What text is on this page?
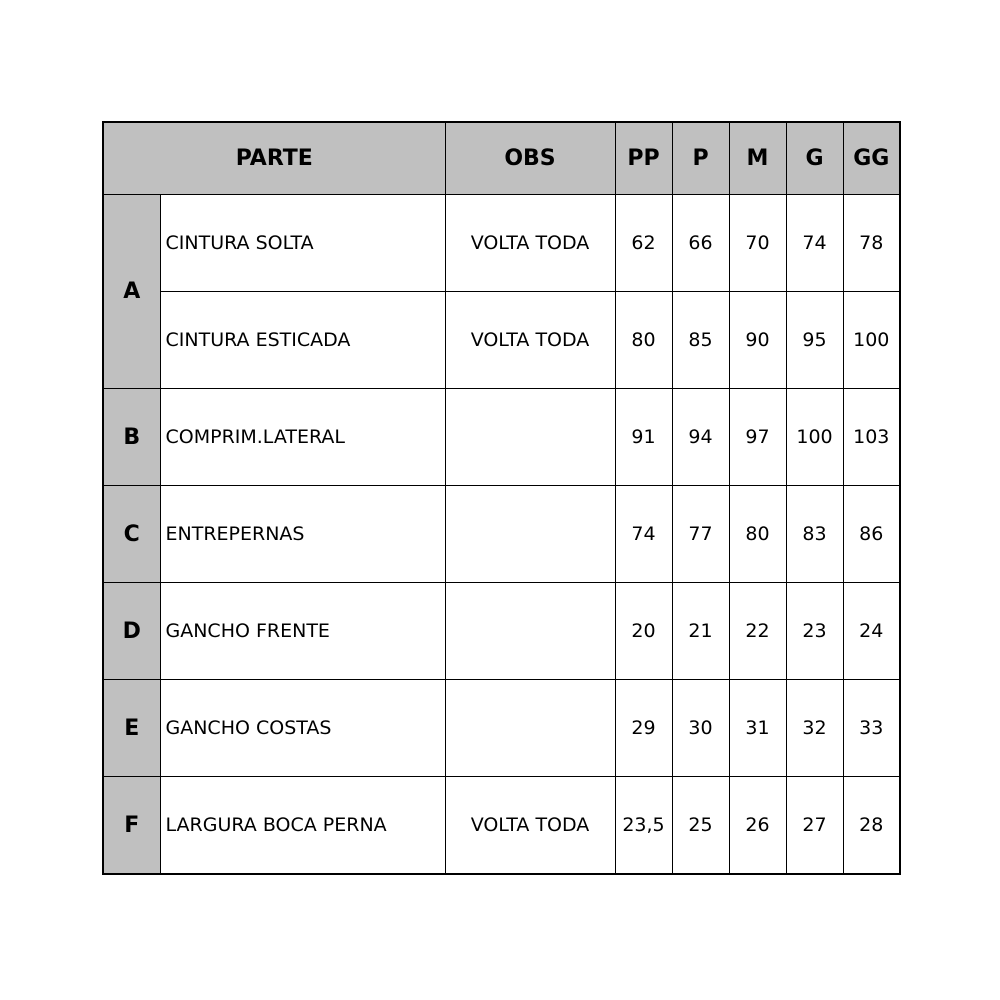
PARTE		OBS	PP	P	M	G	GG
A	CINTURA SOLTA	VOLTA TODA	62	66	70	74	78
	CINTURA ESTICADA	VOLTA TODA	80	85	90	95	100
B	COMPRIM.LATERAL		91	94	97	100	103
C	ENTREPERNAS		74	77	80	83	86
D	GANCHO FRENTE		20	21	22	23	24
E	GANCHO COSTAS		29	30	31	32	33
F	LARGURA BOCA PERNA	VOLTA TODA	23,5	25	26	27	28
